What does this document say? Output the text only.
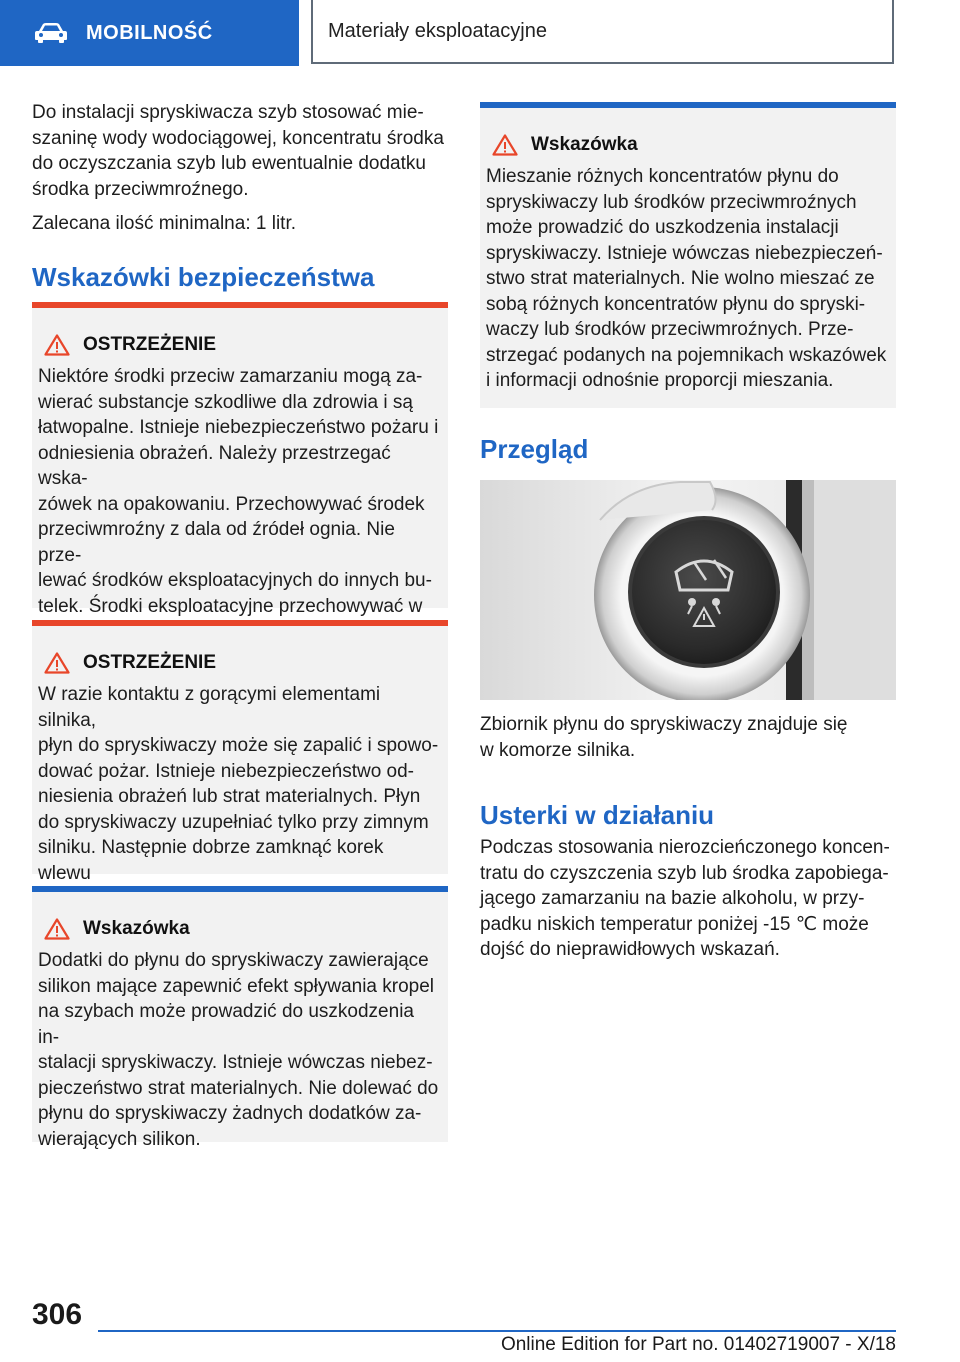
MOBILNOŚĆ	Materiały eksploatacyjne

Do instalacji spryskiwacza szyb stosować mie‐

szaninę wody wodociągowej, koncentratu środka

do oczyszczania szyb lub ewentualnie dodatku

środka przeciwmroźnego.

Zalecana ilość minimalna: 1 litr.

Wskazówki bezpieczeństwa
OSTRZEŻENIE

Niektóre środki przeciw zamarzaniu mogą za‐

wierać substancje szkodliwe dla zdrowia i są

łatwopalne. Istnieje niebezpieczeństwo pożaru i

odniesienia obrażeń. Należy przestrzegać wska‐

zówek na opakowaniu. Przechowywać środek

przeciwmroźny z dala od źródeł ognia. Nie prze‐

lewać środków eksploatacyjnych do innych bu‐

telek. Środki eksploatacyjne przechowywać w

OSTRZEŻENIE

W razie kontaktu z gorącymi elementami silnika,

płyn do spryskiwaczy może się zapalić i spowo‐

dować pożar. Istnieje niebezpieczeństwo od‐

niesienia obrażeń lub strat materialnych. Płyn

do spryskiwaczy uzupełniać tylko przy zimnym

silniku. Następnie dobrze zamknąć korek wlewu

Wskazówka

Dodatki do płynu do spryskiwaczy zawierające

silikon mające zapewnić efekt spływania kropel

na szybach może prowadzić do uszkodzenia in‐

stalacji spryskiwaczy. Istnieje wówczas niebez‐

pieczeństwo strat materialnych. Nie dolewać do

płynu do spryskiwaczy żadnych dodatków za‐

wierających silikon.

Wskazówka

Mieszanie różnych koncentratów płynu do

spryskiwaczy lub środków przeciwmroźnych

może prowadzić do uszkodzenia instalacji

spryskiwaczy. Istnieje wówczas niebezpieczeń‐

stwo strat materialnych. Nie wolno mieszać ze

sobą różnych koncentratów płynu do spryski‐

waczy lub środków przeciwmroźnych. Prze‐

strzegać podanych na pojemnikach wskazówek

i informacji odnośnie proporcji mieszania.

Przegląd

Zbiornik płynu do spryskiwaczy znajduje się

w komorze silnika.

Usterki w działaniu

Podczas stosowania nierozcieńczonego koncen‐

tratu do czyszczenia szyb lub środka zapobiega‐

jącego zamarzaniu na bazie alkoholu, w przy‐

padku niskich temperatur poniżej -15 ℃ może

dojść do nieprawidłowych wskazań.

306
Online Edition for Part no. 01402719007 - X/18
